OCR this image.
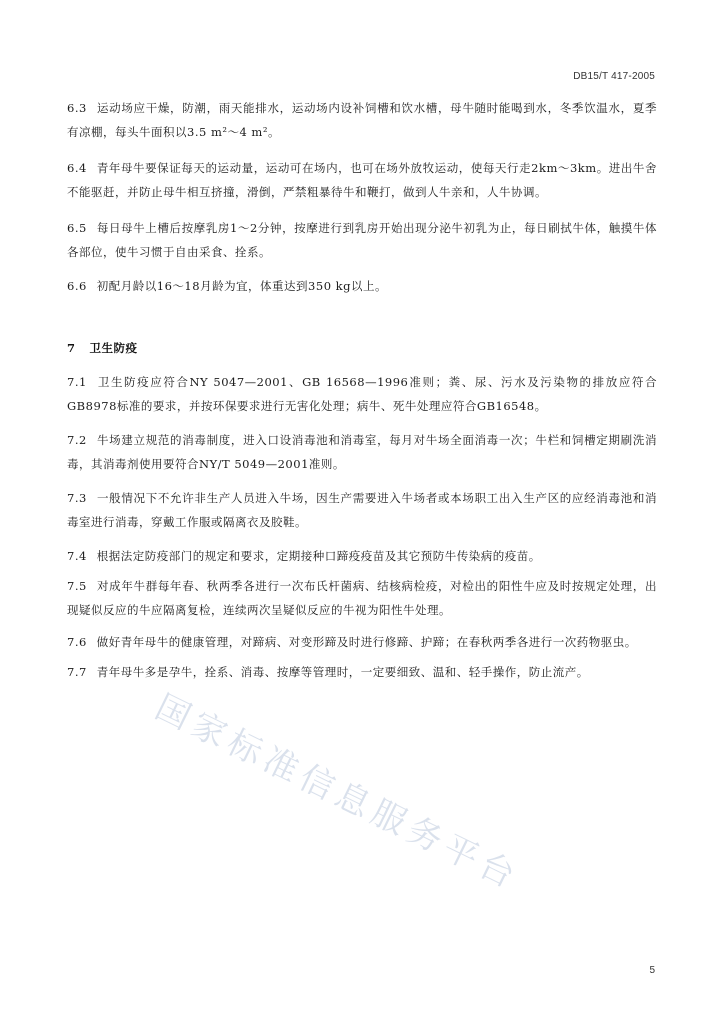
DB15/T 417-2005
6.3 运动场应干燥，防潮，雨天能排水，运动场内设补饲槽和饮水槽，母牛随时能喝到水，冬季饮温水，夏季有凉棚，每头牛面积以3.5 m²～4 m²。
6.4 青年母牛要保证每天的运动量，运动可在场内，也可在场外放牧运动，使每天行走2km～3km。进出牛舍不能驱赶，并防止母牛相互挤撞，滑倒，严禁粗暴待牛和鞭打，做到人牛亲和，人牛协调。
6.5 每日母牛上槽后按摩乳房1～2分钟，按摩进行到乳房开始出现分泌牛初乳为止，每日刷拭牛体，触摸牛体各部位，使牛习惯于自由采食、拴系。
6.6 初配月龄以16～18月龄为宜，体重达到350 kg以上。
7 卫生防疫
7.1 卫生防疫应符合NY 5047—2001、GB 16568—1996准则；粪、尿、污水及污染物的排放应符合GB8978标准的要求，并按环保要求进行无害化处理；病牛、死牛处理应符合GB16548。
7.2 牛场建立规范的消毒制度，进入口设消毒池和消毒室，每月对牛场全面消毒一次；牛栏和饲槽定期刷洗消毒，其消毒剂使用要符合NY/T 5049—2001准则。
7.3 一般情况下不允许非生产人员进入牛场，因生产需要进入牛场者或本场职工出入生产区的应经消毒池和消毒室进行消毒，穿戴工作服或隔离衣及胶鞋。
7.4 根据法定防疫部门的规定和要求，定期接种口蹄疫疫苗及其它预防牛传染病的疫苗。
7.5 对成年牛群每年春、秋两季各进行一次布氏杆菌病、结核病检疫，对检出的阳性牛应及时按规定处理，出现疑似反应的牛应隔离复检，连续两次呈疑似反应的牛视为阳性牛处理。
7.6 做好青年母牛的健康管理，对蹄病、对变形蹄及时进行修蹄、护蹄；在春秋两季各进行一次药物驱虫。
7.7 青年母牛多是孕牛，拴系、消毒、按摩等管理时，一定要细致、温和、轻手操作，防止流产。
国家标准信息服务平台
5
